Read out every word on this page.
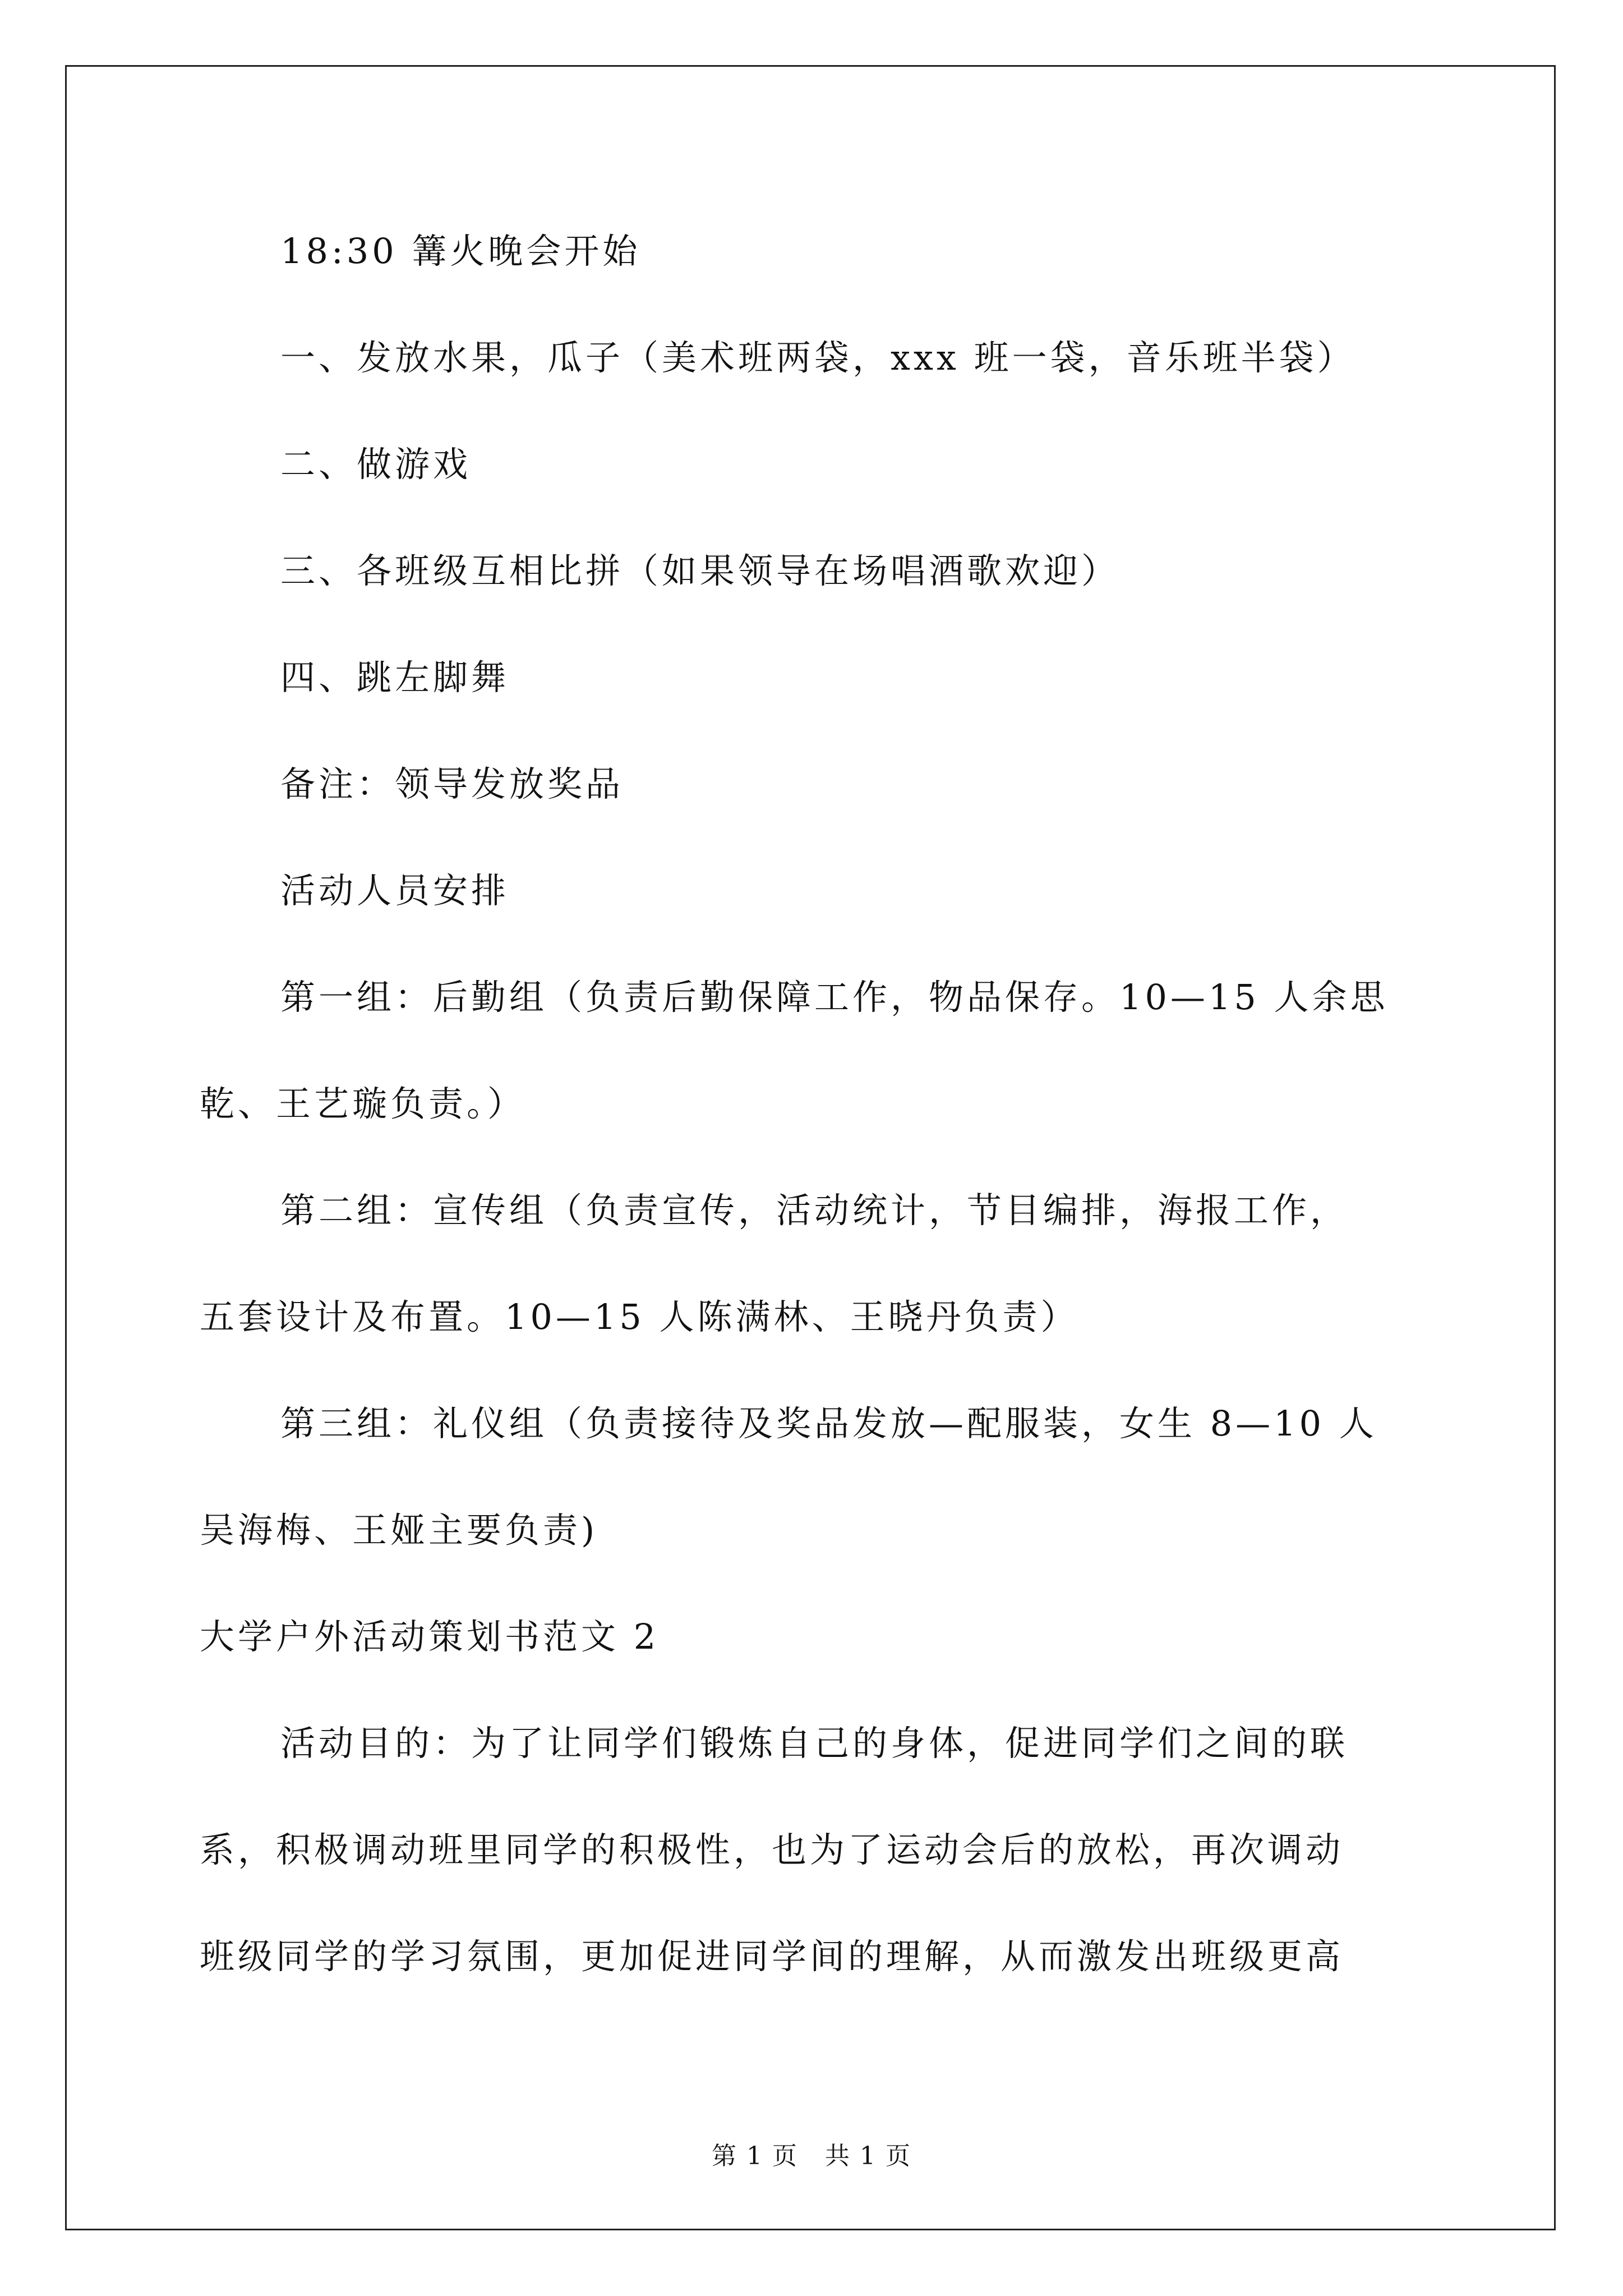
18:30 篝火晚会开始
一、发放水果，瓜子（美术班两袋，xxx 班一袋，音乐班半袋）
二、做游戏
三、各班级互相比拼（如果领导在场唱酒歌欢迎）
四、跳左脚舞
备注：领导发放奖品
活动人员安排
第一组：后勤组（负责后勤保障工作，物品保存。10—15 人余思
乾、王艺璇负责。）
第二组：宣传组（负责宣传，活动统计，节目编排，海报工作，
五套设计及布置。10—15 人陈满林、王晓丹负责）
第三组：礼仪组（负责接待及奖品发放—配服装，女生 8—10 人
吴海梅、王娅主要负责)
大学户外活动策划书范文 2
活动目的：为了让同学们锻炼自己的身体，促进同学们之间的联
系，积极调动班里同学的积极性，也为了运动会后的放松，再次调动
班级同学的学习氛围，更加促进同学间的理解，从而激发出班级更高
第 1 页 共 1 页
